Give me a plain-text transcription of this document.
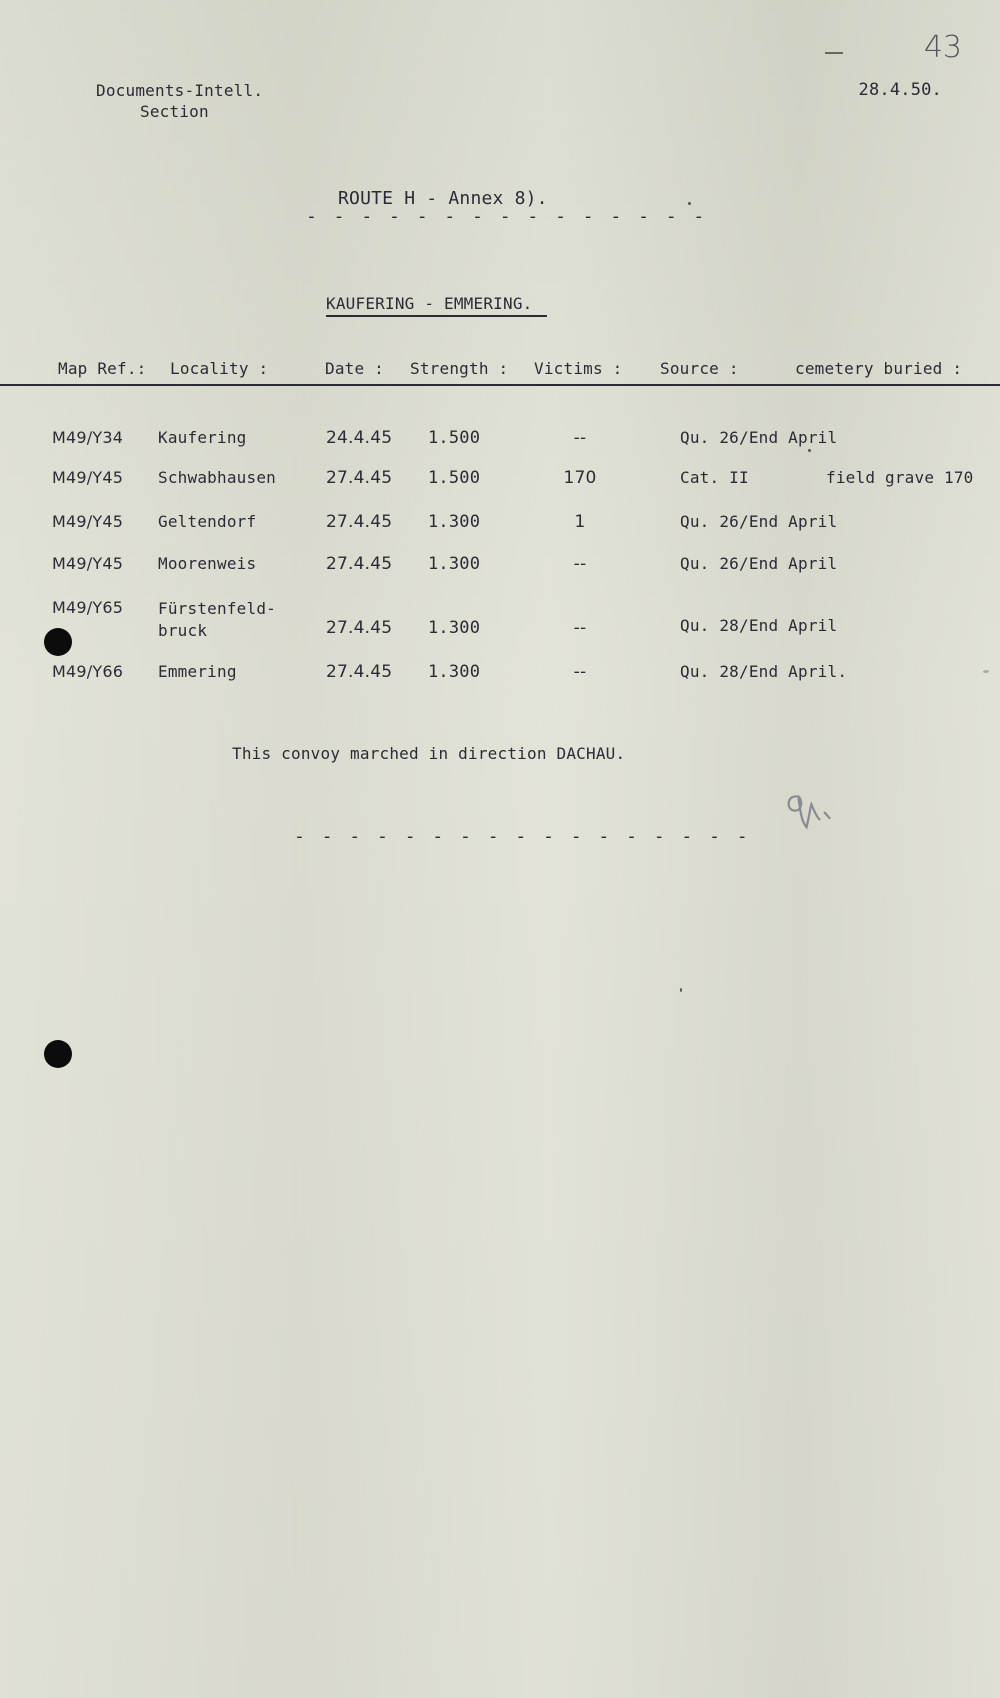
Documents-Intell.
Section
43
28.4.50.
ROUTE H - Annex 8).
- - - - - - - - - - - - - - -
KAUFERING - EMMERING.
Map Ref.: Locality :	Date : Strength : Victims : Source :	cemetery buried :
M49/Y34 Kaufering	24.4.45 1.500	--	Qu. 26/End April
M49/Y45 Schwabhausen	27.4.45 1.500	170	Cat. II	field grave 170
M49/Y45 Geltendorf	27.4.45 1.300	1	Qu. 26/End April
M49/Y45 Moorenweis	27.4.45 1.300	--	Qu. 26/End April
M49/Y65 Fürstenfeld-
bruck	27.4.45 1.300	--	Qu. 28/End April
M49/Y66 Emmering	27.4.45 1.300	--	Qu. 28/End April.
This convoy marched in direction DACHAU.
- - - - - - - - - - - - - - - - -
